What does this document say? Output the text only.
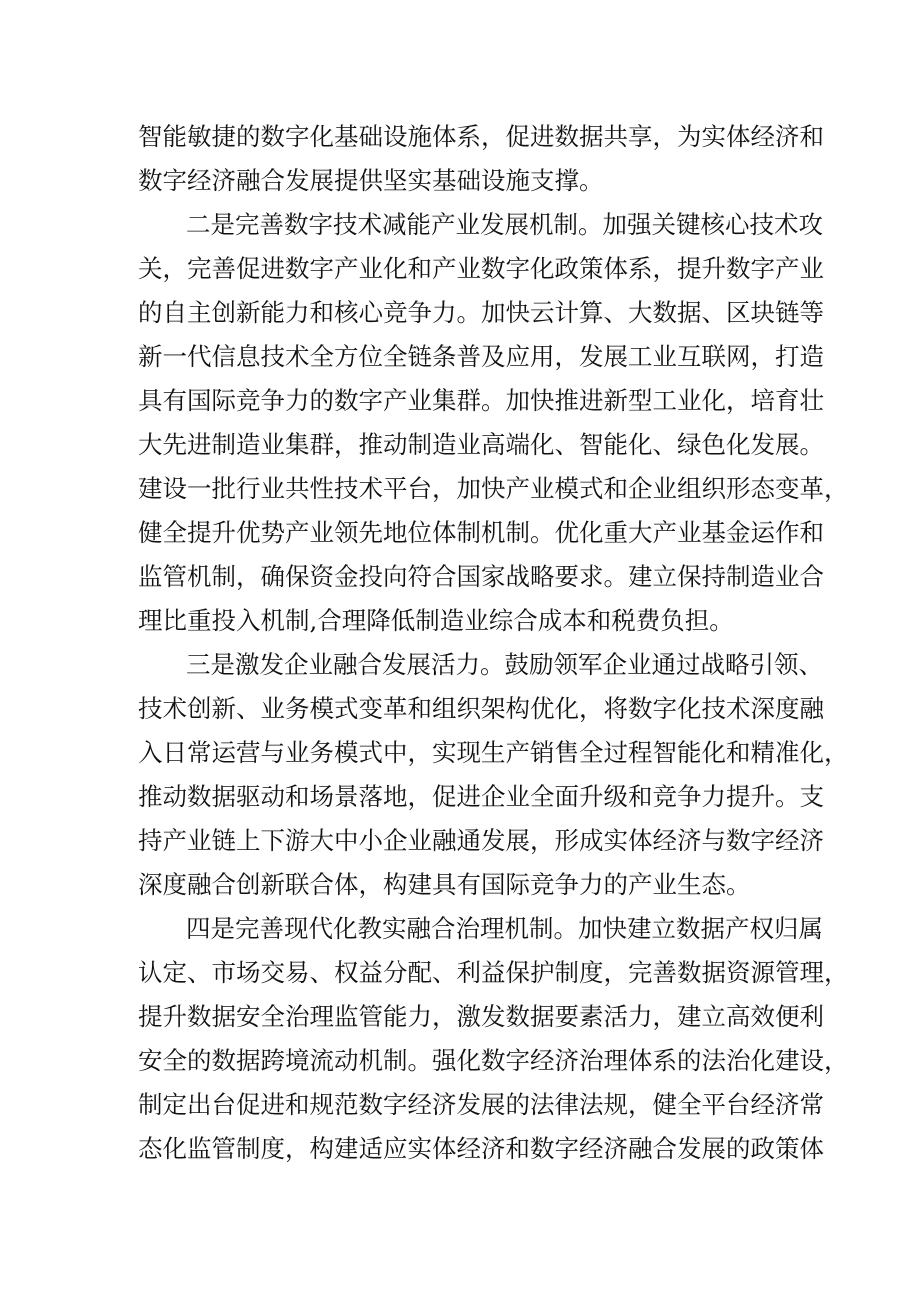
智能敏捷的数字化基础设施体系，促进数据共享，为实体经济和
数字经济融合发展提供坚实基础设施支撑。
二是完善数字技术减能产业发展机制。加强关键核心技术攻
关，完善促进数字产业化和产业数字化政策体系，提升数字产业
的自主创新能力和核心竞争力。加快云计算、大数据、区块链等
新一代信息技术全方位全链条普及应用，发展工业互联网，打造
具有国际竞争力的数字产业集群。加快推进新型工业化，培育壮
大先进制造业集群，推动制造业高端化、智能化、绿色化发展。
建设一批行业共性技术平台，加快产业模式和企业组织形态变革，
健全提升优势产业领先地位体制机制。优化重大产业基金运作和
监管机制，确保资金投向符合国家战略要求。建立保持制造业合
理比重投入机制,合理降低制造业综合成本和税费负担。
三是激发企业融合发展活力。鼓励领军企业通过战略引领、
技术创新、业务模式变革和组织架构优化，将数字化技术深度融
入日常运营与业务模式中，实现生产销售全过程智能化和精准化，
推动数据驱动和场景落地，促进企业全面升级和竞争力提升。支
持产业链上下游大中小企业融通发展，形成实体经济与数字经济
深度融合创新联合体，构建具有国际竞争力的产业生态。
四是完善现代化教实融合治理机制。加快建立数据产权归属
认定、市场交易、权益分配、利益保护制度，完善数据资源管理，
提升数据安全治理监管能力，激发数据要素活力，建立高效便利
安全的数据跨境流动机制。强化数字经济治理体系的法治化建设，
制定出台促进和规范数字经济发展的法律法规，健全平台经济常
态化监管制度，构建适应实体经济和数字经济融合发展的政策体
